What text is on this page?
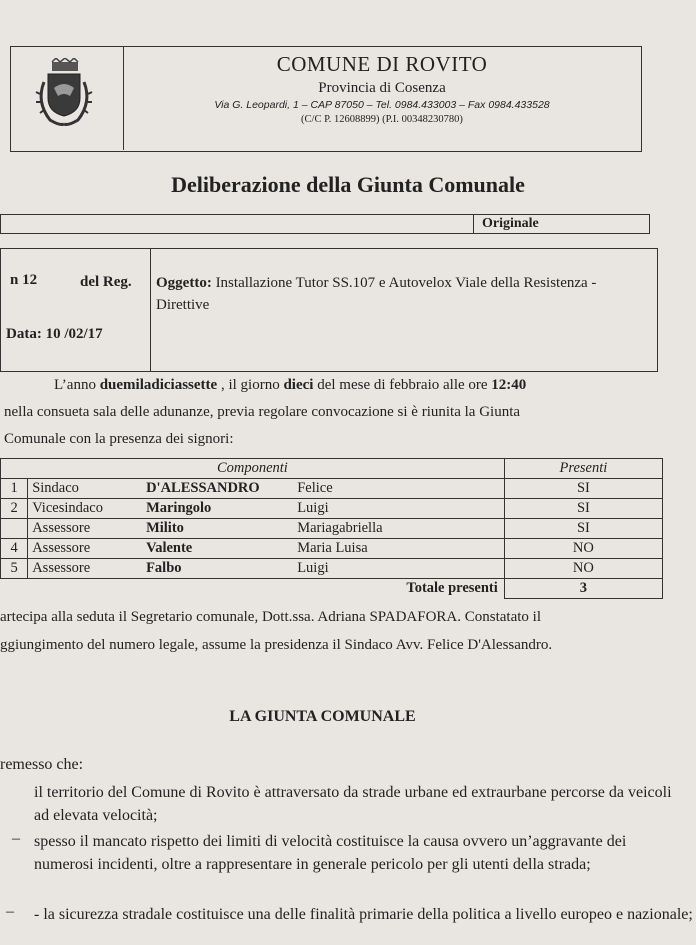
COMUNE DI ROVITO
Provincia di Cosenza
Via G. Leopardi, 1 – CAP 87050 – Tel. 0984.433003 – Fax 0984.433528
(C/C P. 12608899) (P.I. 00348230780)
Deliberazione della Giunta Comunale
Originale
n 12	del Reg.
Data: 10 /02/17
Oggetto: Installazione Tutor SS.107 e Autovelox Viale della Resistenza - Direttive
L’anno duemiladiciassette , il giorno dieci del mese di febbraio alle ore 12:40
nella consueta sala delle adunanze, previa regolare convocazione si è riunita la Giunta
Comunale con la presenza dei signori:
Componenti				Presenti
1	Sindaco	D'ALESSANDRO	Felice	SI
2	Vicesindaco	Maringolo	Luigi	SI
	Assessore	Milito	Mariagabriella	SI
4	Assessore	Valente	Maria Luisa	NO
5	Assessore	Falbo	Luigi	NO
Totale presenti				3
artecipa alla seduta il Segretario comunale, Dott.ssa. Adriana SPADAFORA. Constatato il
ggiungimento del numero legale, assume la presidenza il Sindaco Avv. Felice D'Alessandro.
LA GIUNTA COMUNALE
remesso che:
il territorio del Comune di Rovito è attraversato da strade urbane ed extraurbane percorse da veicoli ad elevata velocità;
– spesso il mancato rispetto dei limiti di velocità costituisce la causa ovvero un’aggravante dei numerosi incidenti, oltre a rappresentare in generale pericolo per gli utenti della strada;
– - la sicurezza stradale costituisce una delle finalità primarie della politica a livello europeo e nazionale;
